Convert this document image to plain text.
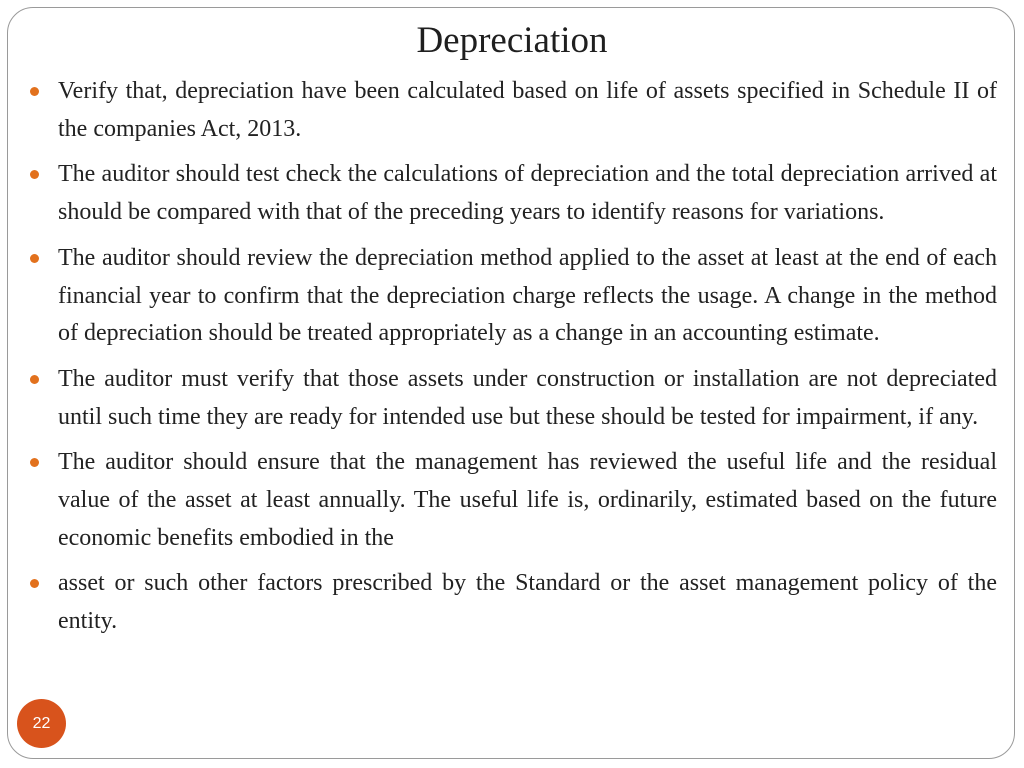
Depreciation
Verify that, depreciation have been calculated based on life of assets specified in Schedule II of the companies Act, 2013.
The auditor should test check the calculations of depreciation and the total depreciation arrived at should be compared with that of the preceding years to identify reasons for variations.
The auditor should review the depreciation method applied to the asset at least at the end of each financial year to confirm that the depreciation charge reflects the usage. A change in the method of depreciation should be treated appropriately as a change in an accounting estimate.
The auditor must verify that those assets under construction or installation are not depreciated until such time they are ready for intended use but these should be tested for impairment, if any.
The auditor should ensure that the management has reviewed the useful life and the residual value of the asset at least annually. The useful life is, ordinarily, estimated based on the future economic benefits embodied in the
asset or such other factors prescribed by the Standard or the asset management policy of the entity.
22
